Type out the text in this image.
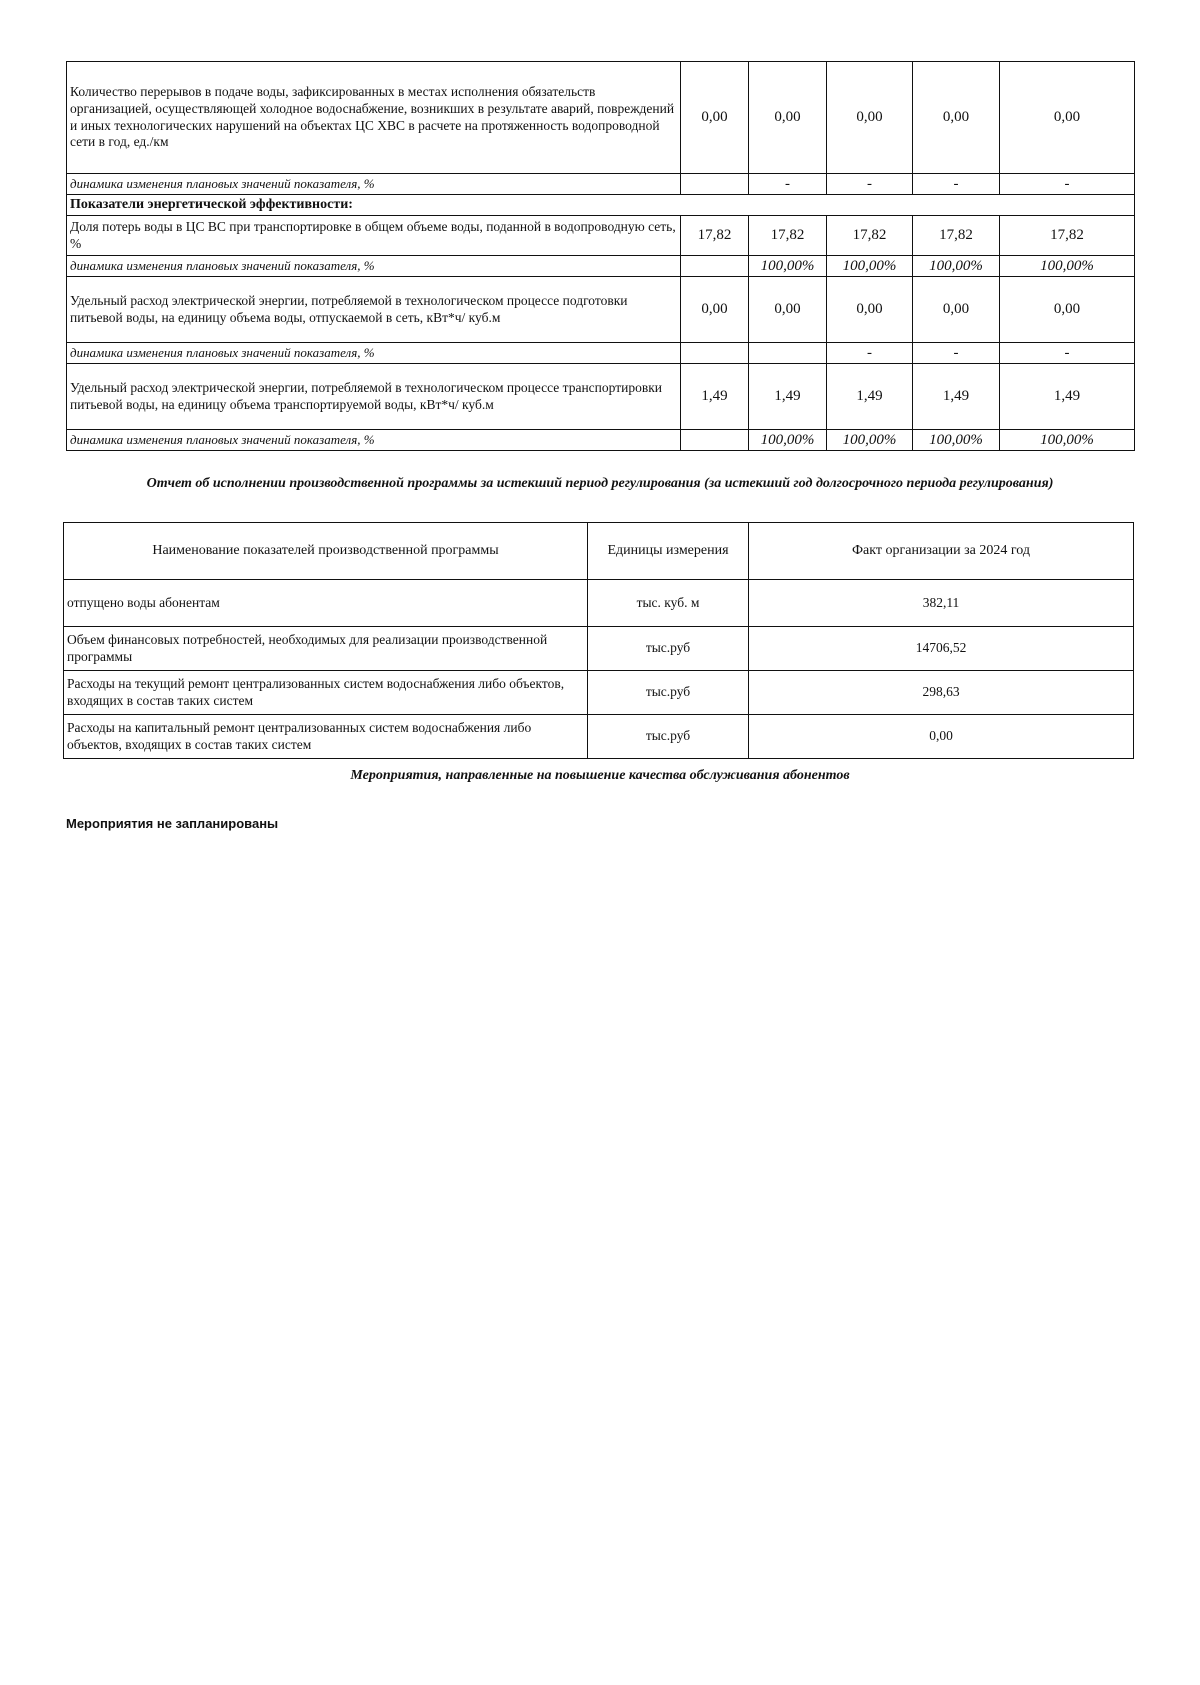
Количество перерывов в подаче воды, зафиксированных в местах исполнения обязательств организацией, осуществляющей холодное водоснабжение, возникших в результате аварий, повреждений и иных технологических нарушений на объектах ЦС ХВС в расчете на протяженность водопроводной сети в год, ед./км	0,00	0,00	0,00	0,00	0,00
динамика изменения плановых значений показателя, %		-	-	-	-
Показатели энергетической эффективности:					
Доля потерь воды в ЦС ВС при транспортировке в общем объеме воды, поданной в водопроводную сеть, %	17,82	17,82	17,82	17,82	17,82
динамика изменения плановых значений показателя, %		100,00%	100,00%	100,00%	100,00%
Удельный расход электрической энергии, потребляемой в технологическом процессе подготовки питьевой воды, на единицу объема воды, отпускаемой в сеть, кВт*ч/ куб.м	0,00	0,00	0,00	0,00	0,00
динамика изменения плановых значений показателя, %			-	-	-
Удельный расход электрической энергии, потребляемой в технологическом процессе транспортировки питьевой воды, на единицу объема транспортируемой воды, кВт*ч/ куб.м	1,49	1,49	1,49	1,49	1,49
динамика изменения плановых значений показателя, %		100,00%	100,00%	100,00%	100,00%
Отчет об исполнении производственной программы за истекший период регулирования (за истекший год долгосрочного периода регулирования)
Наименование показателей производственной программы	Единицы измерения	Факт организации за 2024 год
отпущено воды абонентам	тыс. куб. м	382,11
Объем финансовых потребностей, необходимых для реализации производственной программы	тыс.руб	14706,52
Расходы на текущий ремонт централизованных систем водоснабжения либо объектов, входящих в состав таких систем	тыс.руб	298,63
Расходы на капитальный ремонт централизованных систем водоснабжения либо объектов, входящих в состав таких систем	тыс.руб	0,00
Мероприятия, направленные на повышение качества обслуживания абонентов
Мероприятия не запланированы
